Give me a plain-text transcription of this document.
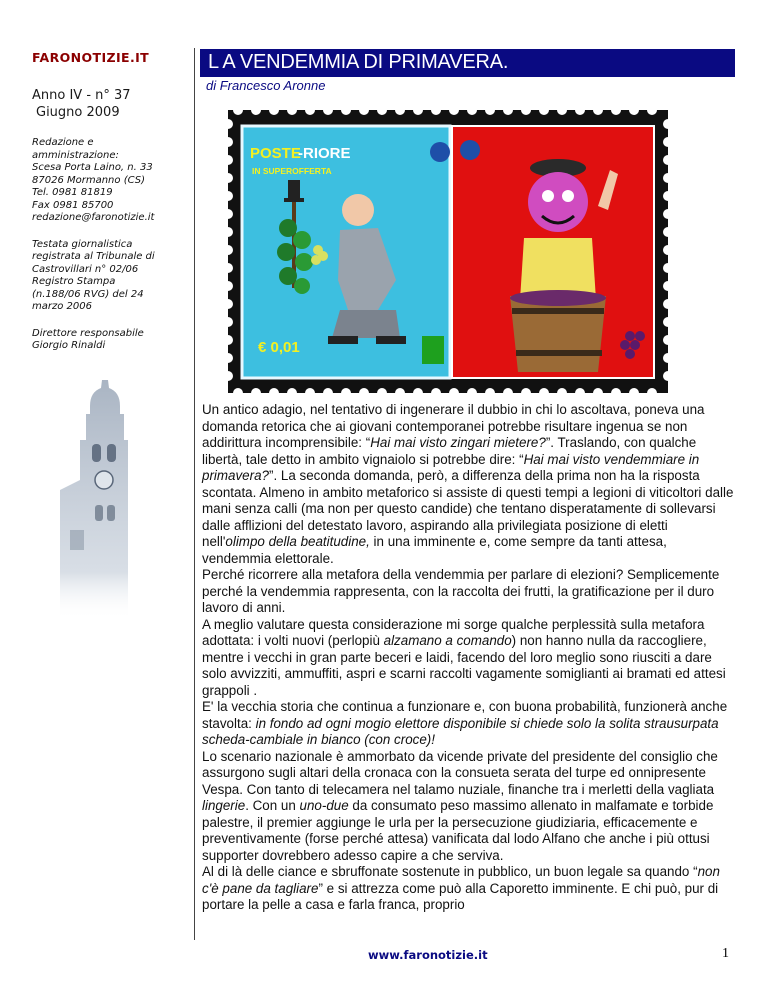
FARONOTIZIE.IT
Anno IV - n° 37
Giugno 2009
Redazione e
amministrazione:
Scesa Porta Laino, n. 33
87026 Mormanno (CS)
Tel. 0981 81819
Fax 0981 85700
redazione@faronotizie.it
Testata giornalistica
registrata al Tribunale di
Castrovillari n° 02/06
Registro Stampa
(n.188/06 RVG) del 24
marzo 2006
Direttore responsabile
Giorgio Rinaldi
L A VENDEMMIA DI PRIMAVERA.
di Francesco Aronne
POSTE
-RIORE
IN SUPEROFFERTA
€ 0,01

Un antico adagio, nel tentativo di ingenerare il dubbio in chi lo ascoltava, poneva una domanda retorica che ai giovani contemporanei potrebbe risultare ingenua se non addirittura incomprensibile: “Hai mai visto zingari mietere?”. Traslando, con qualche libertà, tale detto in ambito vignaiolo si potrebbe dire: “Hai mai visto vendemmiare in primavera?”. La seconda domanda, però, a differenza della prima non ha la risposta scontata. Almeno in ambito metaforico si assiste di questi tempi a legioni di viticoltori dalle mani senza calli (ma non per questo candide) che tentano disperatamente di sollevarsi dalle afflizioni del detestato lavoro, aspirando alla privilegiata posizione di eletti nell'olimpo della beatitudine, in una imminente e, come sempre da tanti attesa, vendemmia elettorale.

Perché ricorrere alla metafora della vendemmia per parlare di elezioni? Semplicemente perché la vendemmia rappresenta, con la raccolta dei frutti, la gratificazione per il duro lavoro di anni.

A meglio valutare questa considerazione mi sorge qualche perplessità sulla metafora adottata: i volti nuovi (perlopiù alzamano a comando) non hanno nulla da raccogliere, mentre i vecchi in gran parte beceri e laidi, facendo del loro meglio sono riusciti a dare solo avvizziti, ammuffiti, aspri e scarni raccolti vagamente somiglianti ai bramati ed attesi grappoli .

E' la vecchia storia che continua a funzionare e, con buona probabilità, funzionerà anche stavolta: in fondo ad ogni mogio elettore disponibile si chiede solo la solita strausurpata scheda-cambiale in bianco (con croce)!

Lo scenario nazionale è ammorbato da vicende private del presidente del consiglio che assurgono sugli altari della cronaca con la consueta serata del turpe ed onnipresente Vespa. Con tanto di telecamera nel talamo nuziale, finanche tra i merletti della vagliata lingerie. Con un uno-due da consumato peso massimo allenato in malfamate e torbide palestre, il premier aggiunge le urla per la persecuzione giudiziaria, efficacemente e preventivamente (forse perché attesa) vanificata dal lodo Alfano che anche i più ottusi supporter dovrebbero adesso capire a che serviva.

Al di là delle ciance e sbruffonate sostenute in pubblico, un buon legale sa quando “non c'è pane da tagliare” e si attrezza come può alla Caporetto imminente. E chi può, pur di portare la pelle a casa e farla franca, proprio

www.faronotizie.it	1
